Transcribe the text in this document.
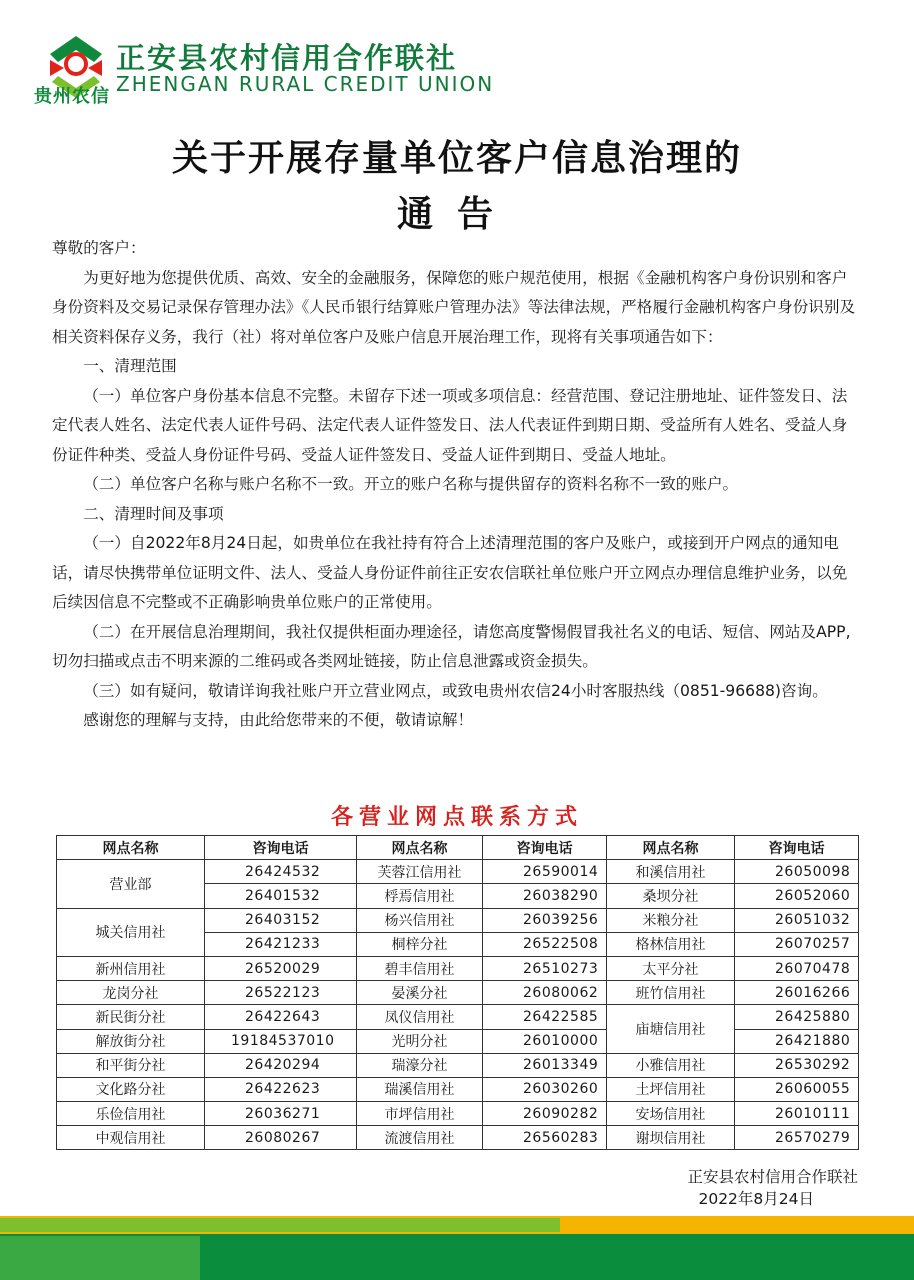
贵州农信
正安县农村信用合作联社
ZHENGAN RURAL CREDIT UNION
关于开展存量单位客户信息治理的
通告

尊敬的客户：

为更好地为您提供优质、高效、安全的金融服务，保障您的账户规范使用，根据《金融机构客户身份识别和客户身份资料及交易记录保存管理办法》《人民币银行结算账户管理办法》等法律法规，严格履行金融机构客户身份识别及相关资料保存义务，我行（社）将对单位客户及账户信息开展治理工作，现将有关事项通告如下：

一、清理范围

（一）单位客户身份基本信息不完整。未留存下述一项或多项信息：经营范围、登记注册地址、证件签发日、法定代表人姓名、法定代表人证件号码、法定代表人证件签发日、法人代表证件到期日期、受益所有人姓名、受益人身份证件种类、受益人身份证件号码、受益人证件签发日、受益人证件到期日、受益人地址。

（二）单位客户名称与账户名称不一致。开立的账户名称与提供留存的资料名称不一致的账户。

二、清理时间及事项

（一）自2022年8月24日起，如贵单位在我社持有符合上述清理范围的客户及账户，或接到开户网点的通知电话，请尽快携带单位证明文件、法人、受益人身份证件前往正安农信联社单位账户开立网点办理信息维护业务，以免后续因信息不完整或不正确影响贵单位账户的正常使用。

（二）在开展信息治理期间，我社仅提供柜面办理途径，请您高度警惕假冒我社名义的电话、短信、网站及APP,切勿扫描或点击不明来源的二维码或各类网址链接，防止信息泄露或资金损失。

（三）如有疑问，敬请详询我社账户开立营业网点，或致电贵州农信24小时客服热线（0851-96688)咨询。

感谢您的理解与支持，由此给您带来的不便，敬请谅解！

各营业网点联系方式
网点名称	咨询电话	网点名称	咨询电话	网点名称	咨询电话
营业部	26424532	芙蓉江信用社	26590014	和溪信用社	26050098
	26401532	桴焉信用社	26038290	桑坝分社	26052060
城关信用社	26403152	杨兴信用社	26039256	米粮分社	26051032
	26421233	桐梓分社	26522508	格林信用社	26070257
新州信用社	26520029	碧丰信用社	26510273	太平分社	26070478
龙岗分社	26522123	晏溪分社	26080062	班竹信用社	26016266
新民街分社	26422643	凤仪信用社	26422585	庙塘信用社	26425880
解放街分社	19184537010	光明分社	26010000		26421880
和平街分社	26420294	瑞濠分社	26013349	小雅信用社	26530292
文化路分社	26422623	瑞溪信用社	26030260	土坪信用社	26060055
乐俭信用社	26036271	市坪信用社	26090282	安场信用社	26010111
中观信用社	26080267	流渡信用社	26560283	谢坝信用社	26570279
正安县农村信用合作联社
2022年8月24日
